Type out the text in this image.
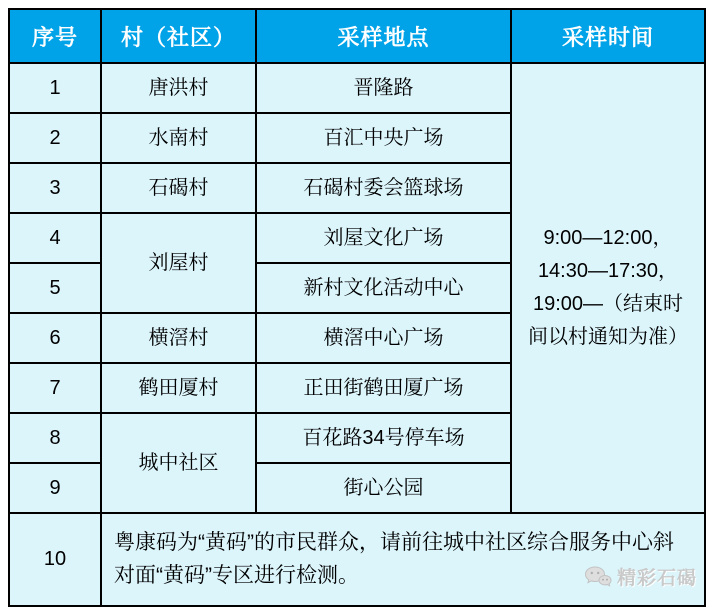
序号	村（社区）	采样地点	采样时间
1	唐洪村	晋隆路	9:00—12:00，14:30—17:30，19:00—（结束时间以村通知为准）
2	水南村	百汇中央广场	
3	石碣村	石碣村委会篮球场	
4	刘屋村	刘屋文化广场	
5		新村文化活动中心	
6	横滘村	横滘中心广场	
7	鹤田厦村	正田街鹤田厦广场	
8	城中社区	百花路34号停车场	
9		街心公园	
10	粤康码为“黄码”的市民群众，请前往城中社区综合服务中心斜对面“黄码”专区进行检测。			精彩石碣
